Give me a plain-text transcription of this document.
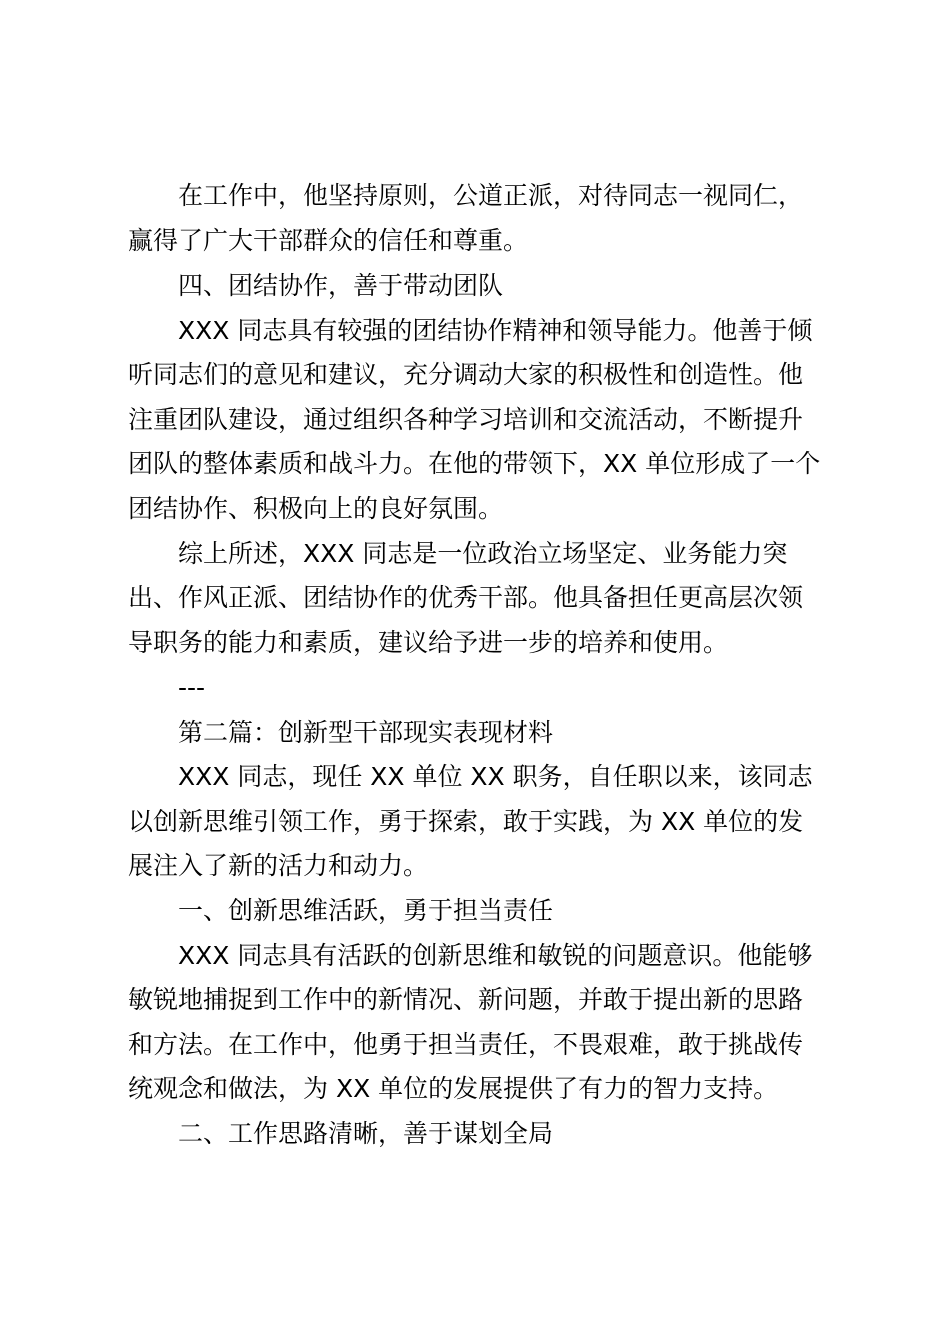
在工作中，他坚持原则，公道正派，对待同志一视同仁，
赢得了广大干部群众的信任和尊重。
四、团结协作，善于带动团队
XXX 同志具有较强的团结协作精神和领导能力。他善于倾
听同志们的意见和建议，充分调动大家的积极性和创造性。他
注重团队建设，通过组织各种学习培训和交流活动，不断提升
团队的整体素质和战斗力。在他的带领下，XX 单位形成了一个
团结协作、积极向上的良好氛围。
综上所述，XXX 同志是一位政治立场坚定、业务能力突
出、作风正派、团结协作的优秀干部。他具备担任更高层次领
导职务的能力和素质，建议给予进一步的培养和使用。
---
第二篇：创新型干部现实表现材料
XXX 同志，现任 XX 单位 XX 职务，自任职以来，该同志
以创新思维引领工作，勇于探索，敢于实践，为 XX 单位的发
展注入了新的活力和动力。
一、创新思维活跃，勇于担当责任
XXX 同志具有活跃的创新思维和敏锐的问题意识。他能够
敏锐地捕捉到工作中的新情况、新问题，并敢于提出新的思路
和方法。在工作中，他勇于担当责任，不畏艰难，敢于挑战传
统观念和做法，为 XX 单位的发展提供了有力的智力支持。
二、工作思路清晰，善于谋划全局
